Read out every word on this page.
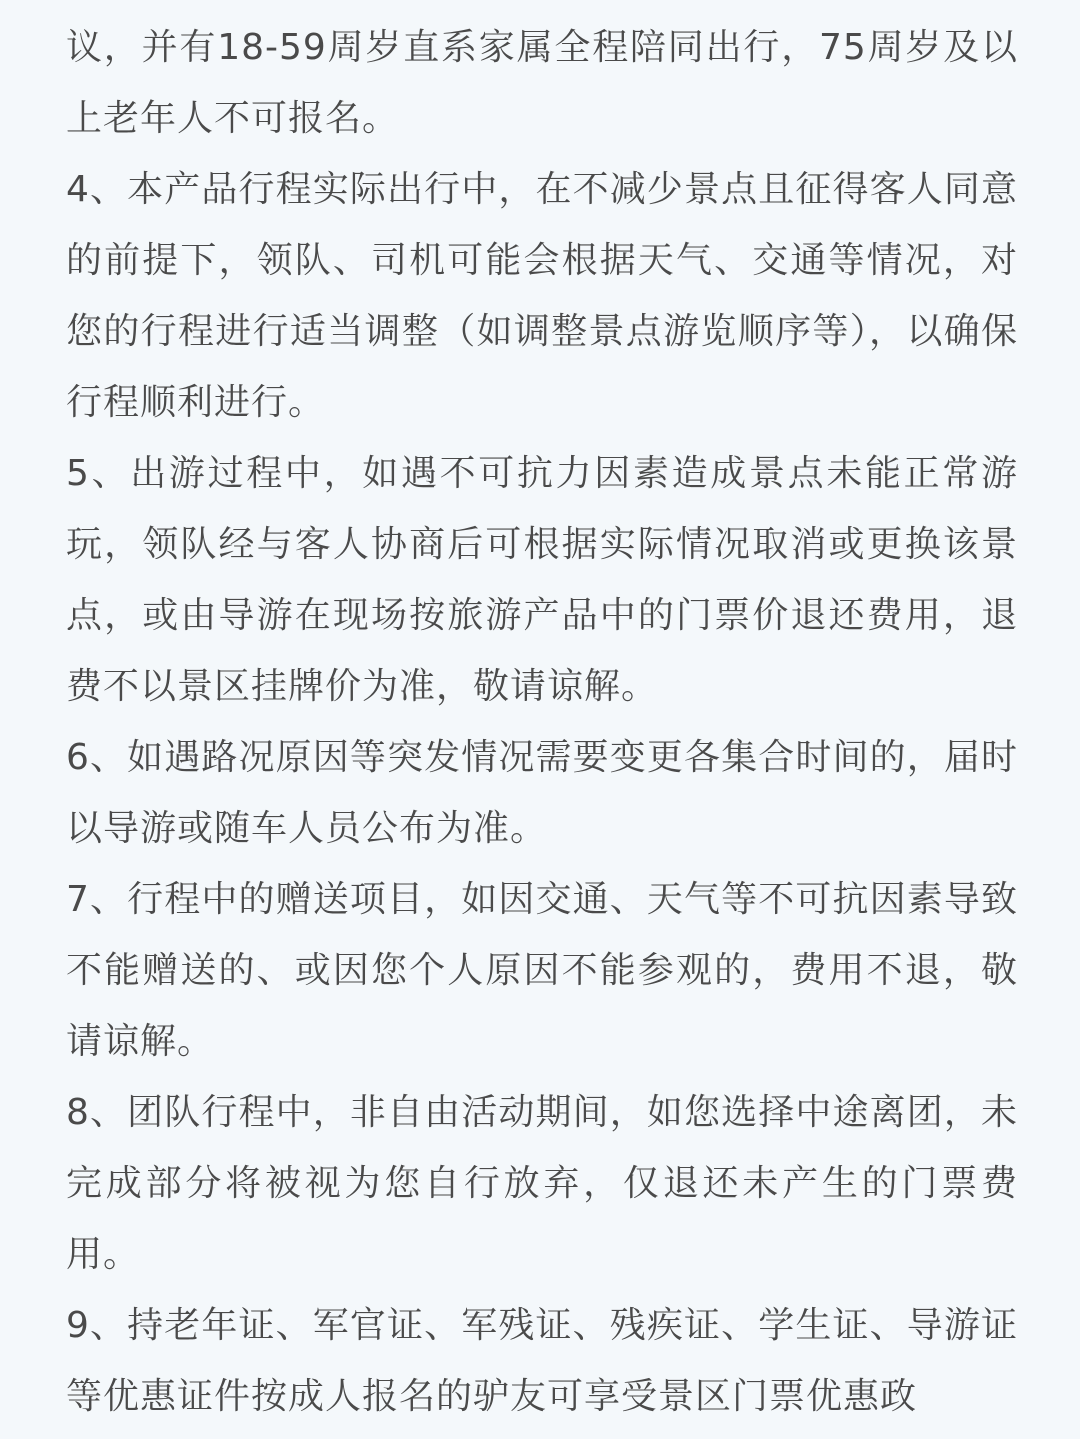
议，并有18-59周岁直系家属全程陪同出行，75周岁及以上老年人不可报名。

4、本产品行程实际出行中，在不减少景点且征得客人同意的前提下，领队、司机可能会根据天气、交通等情况，对您的行程进行适当调整（如调整景点游览顺序等），以确保行程顺利进行。

5、出游过程中，如遇不可抗力因素造成景点未能正常游玩，领队经与客人协商后可根据实际情况取消或更换该景点，或由导游在现场按旅游产品中的门票价退还费用，退费不以景区挂牌价为准，敬请谅解。

6、如遇路况原因等突发情况需要变更各集合时间的，届时以导游或随车人员公布为准。

7、行程中的赠送项目，如因交通、天气等不可抗因素导致不能赠送的、或因您个人原因不能参观的，费用不退，敬请谅解。

8、团队行程中，非自由活动期间，如您选择中途离团，未完成部分将被视为您自行放弃，仅退还未产生的门票费用。

9、持老年证、军官证、军残证、残疾证、学生证、导游证等优惠证件按成人报名的驴友可享受景区门票优惠政
